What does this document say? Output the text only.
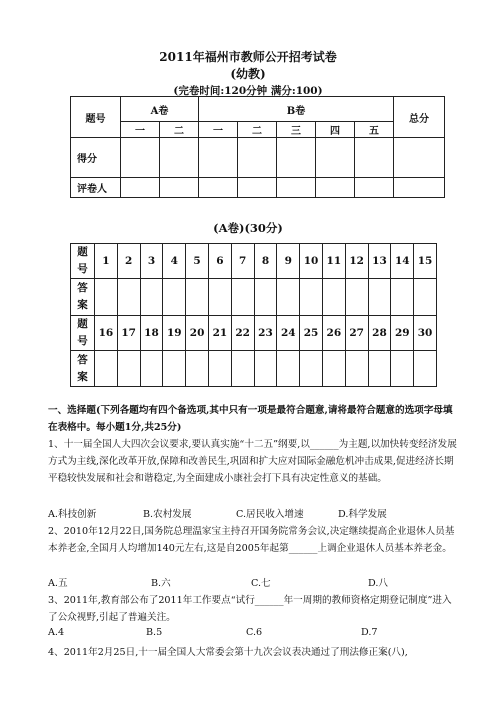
2011年福州市教师公开招考试卷
(幼教)
(完卷时间:120分钟 满分:100)
题号	A卷		B卷					总分
	一	二	一	二	三	四	五	
得分								
评卷人								
(A卷)(30分)
题号	1	2	3	4	5	6	7	8	9	10	11	12	13	14	15
答案															
题号	16	17	18	19	20	21	22	23	24	25	26	27	28	29	30
答案															
一、选择题(下列各题均有四个备选项,其中只有一项是最符合题意,请将最符合题意的选项字母填在表格中。每小题1分,共25分)
1、十一届全国人大四次会议要求,要认真实施“十二五”纲要,以______为主题,以加快转变经济发展方式为主线,深化改革开放,保障和改善民生,巩固和扩大应对国际金融危机冲击成果,促进经济长期平稳较快发展和社会和谐稳定,为全面建成小康社会打下具有决定性意义的基础。
A.科技创新	B.农村发展	C.居民收入增速	D.科学发展
2、2010年12月22日,国务院总理温家宝主持召开国务院常务会议,决定继续提高企业退休人员基本养老金,全国月人均增加140元左右,这是自2005年起第______上调企业退休人员基本养老金。
A.五	B.六	C.七	D.八
3、2011年,教育部公布了2011年工作要点“试行______年一周期的教师资格定期登记制度”进入了公众视野,引起了普遍关注。
A.4	B.5	C.6	D.7
4、2011年2月25日,十一届全国人大常委会第十九次会议表决通过了刑法修正案(八),
